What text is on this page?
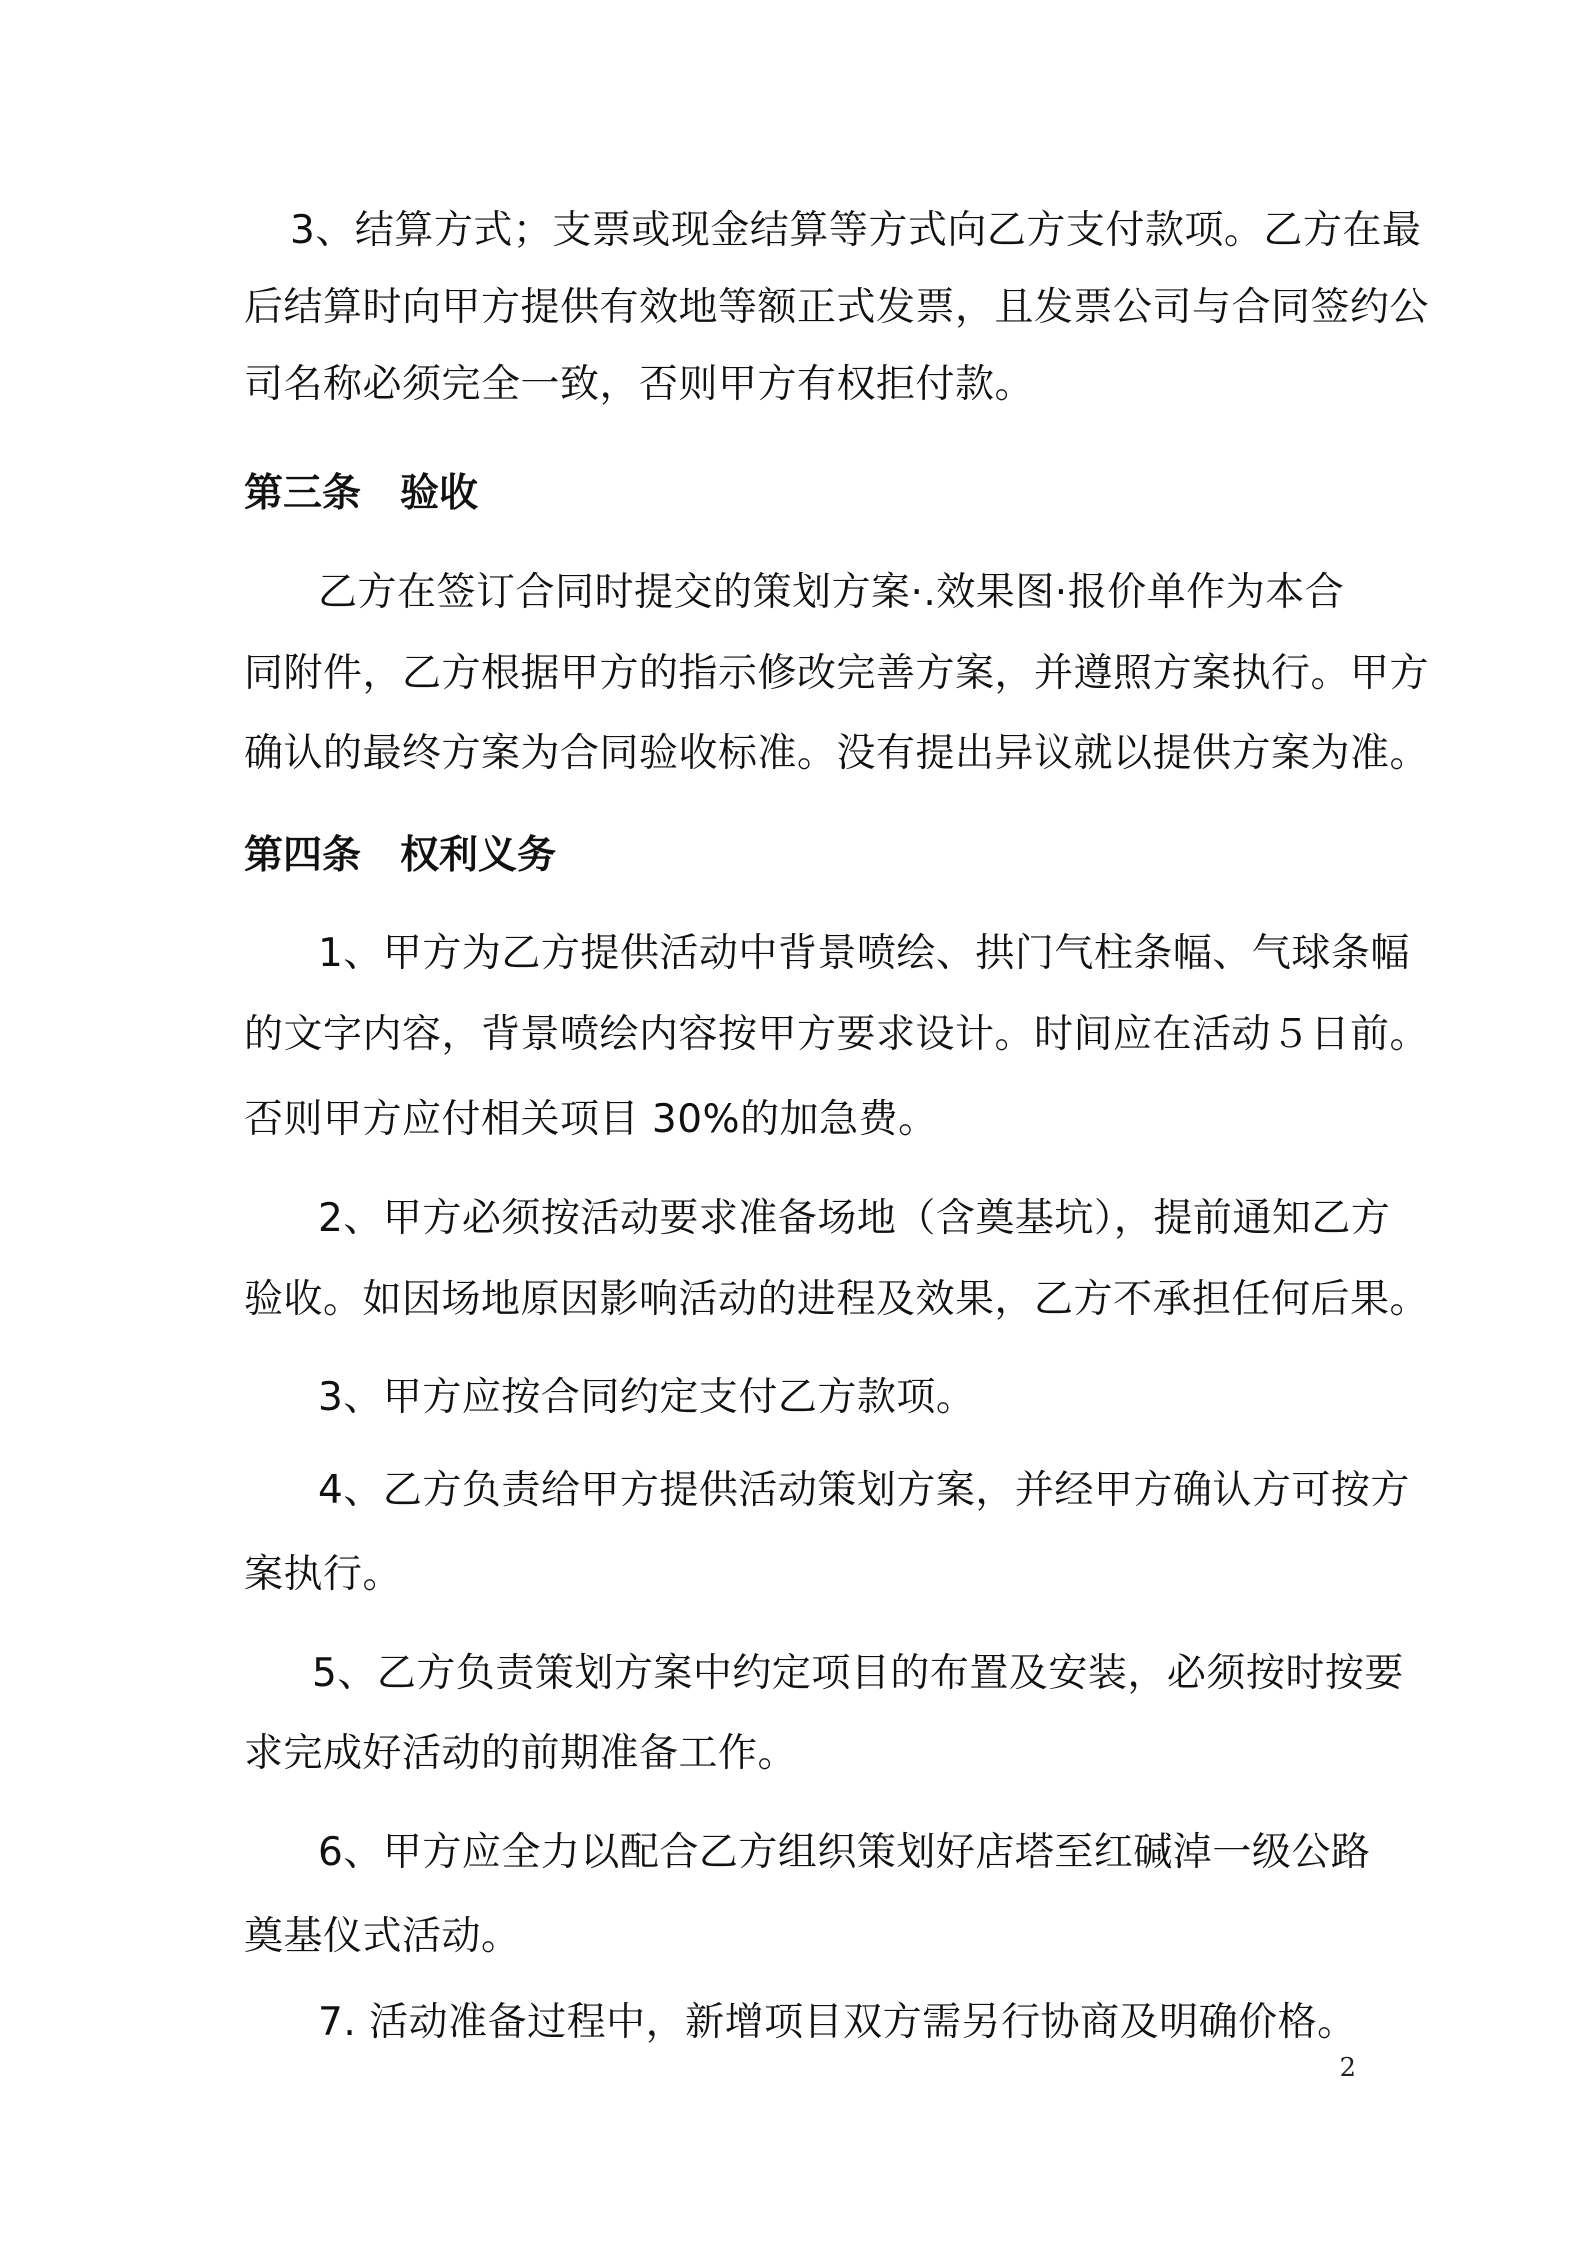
3、结算方式；支票或现金结算等方式向乙方支付款项。乙方在最
后结算时向甲方提供有效地等额正式发票，且发票公司与合同签约公
司名称必须完全一致，否则甲方有权拒付款。
第三条　验收
乙方在签订合同时提交的策划方案·.效果图·报价单作为本合
同附件，乙方根据甲方的指示修改完善方案，并遵照方案执行。甲方
确认的最终方案为合同验收标准。没有提出异议就以提供方案为准。
第四条　权利义务
1、甲方为乙方提供活动中背景喷绘、拱门气柱条幅、气球条幅
的文字内容，背景喷绘内容按甲方要求设计。时间应在活动５日前。
否则甲方应付相关项目 30%的加急费。
2、甲方必须按活动要求准备场地（含奠基坑），提前通知乙方
验收。如因场地原因影响活动的进程及效果，乙方不承担任何后果。
3、甲方应按合同约定支付乙方款项。
4、乙方负责给甲方提供活动策划方案，并经甲方确认方可按方
案执行。
5、乙方负责策划方案中约定项目的布置及安装，必须按时按要
求完成好活动的前期准备工作。
6、甲方应全力以配合乙方组织策划好店塔至红碱淖一级公路
奠基仪式活动。
7. 活动准备过程中，新增项目双方需另行协商及明确价格。
2
